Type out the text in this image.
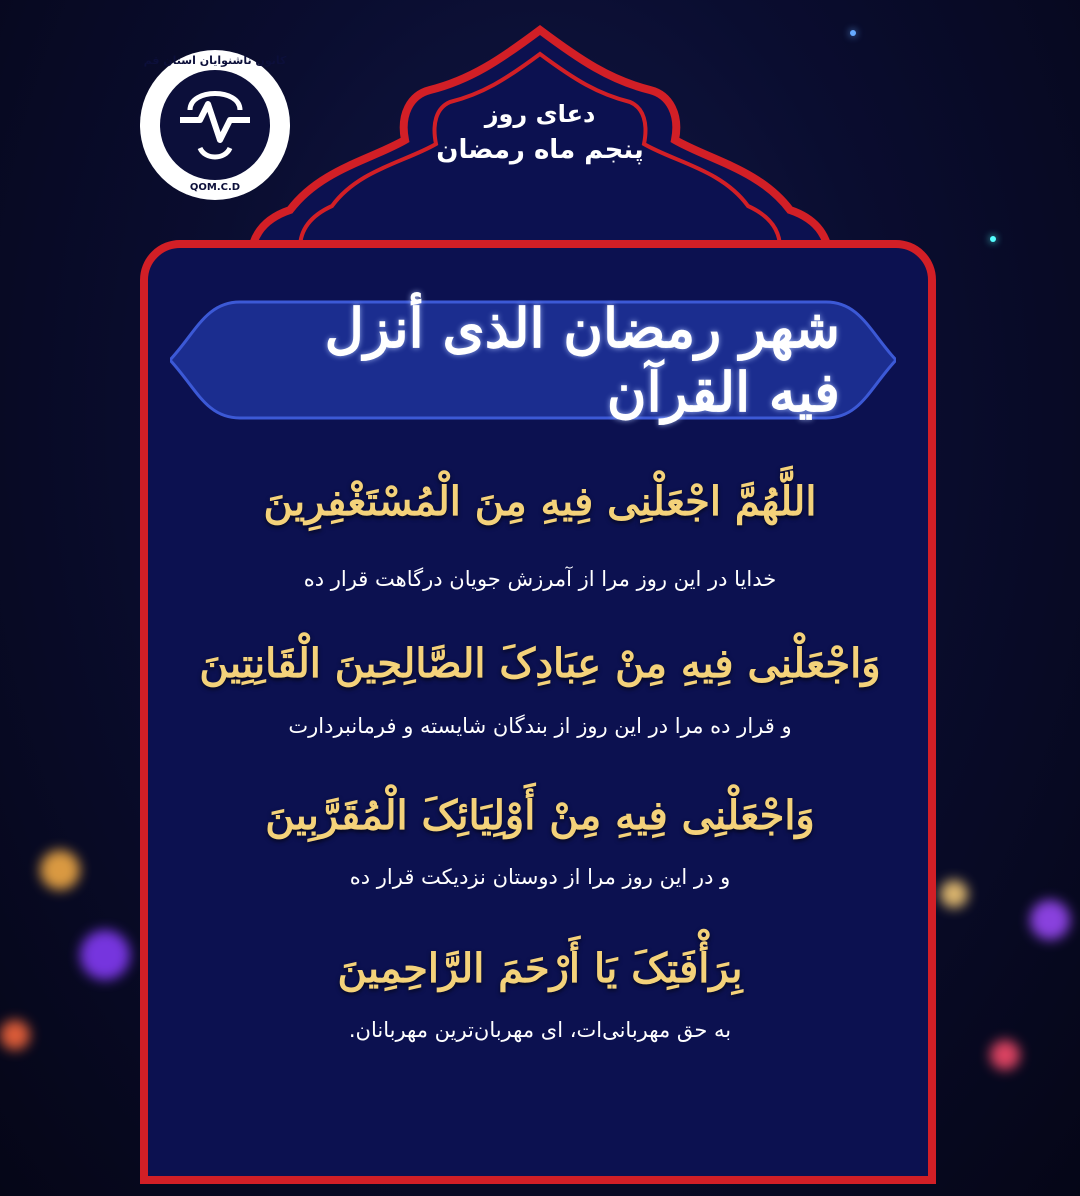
دعای روز
پنجم ماه رمضان
شهر رمضان الذی أنزل فیه القرآن
اللَّهُمَّ اجْعَلْنِی فِیهِ مِنَ الْمُسْتَغْفِرِینَ
خدایا در این روز مرا از آمرزش جویان درگاهت قرار ده
وَاجْعَلْنِی فِیهِ مِنْ عِبَادِکَ الصَّالِحِینَ الْقَانِتِینَ
و قرار ده مرا در این روز از بندگان شایسته و فرمانبردارت
وَاجْعَلْنِی فِیهِ مِنْ أَوْلِیَائِکَ الْمُقَرَّبِینَ
و در این روز مرا از دوستان نزدیکت قرار ده
بِرَأْفَتِکَ یَا أَرْحَمَ الرَّاحِمِینَ
به حق مهربانی‌ات، ای مهربان‌ترین مهربانان.
کانون ناشنوایان استان قم
QOM.C.D
